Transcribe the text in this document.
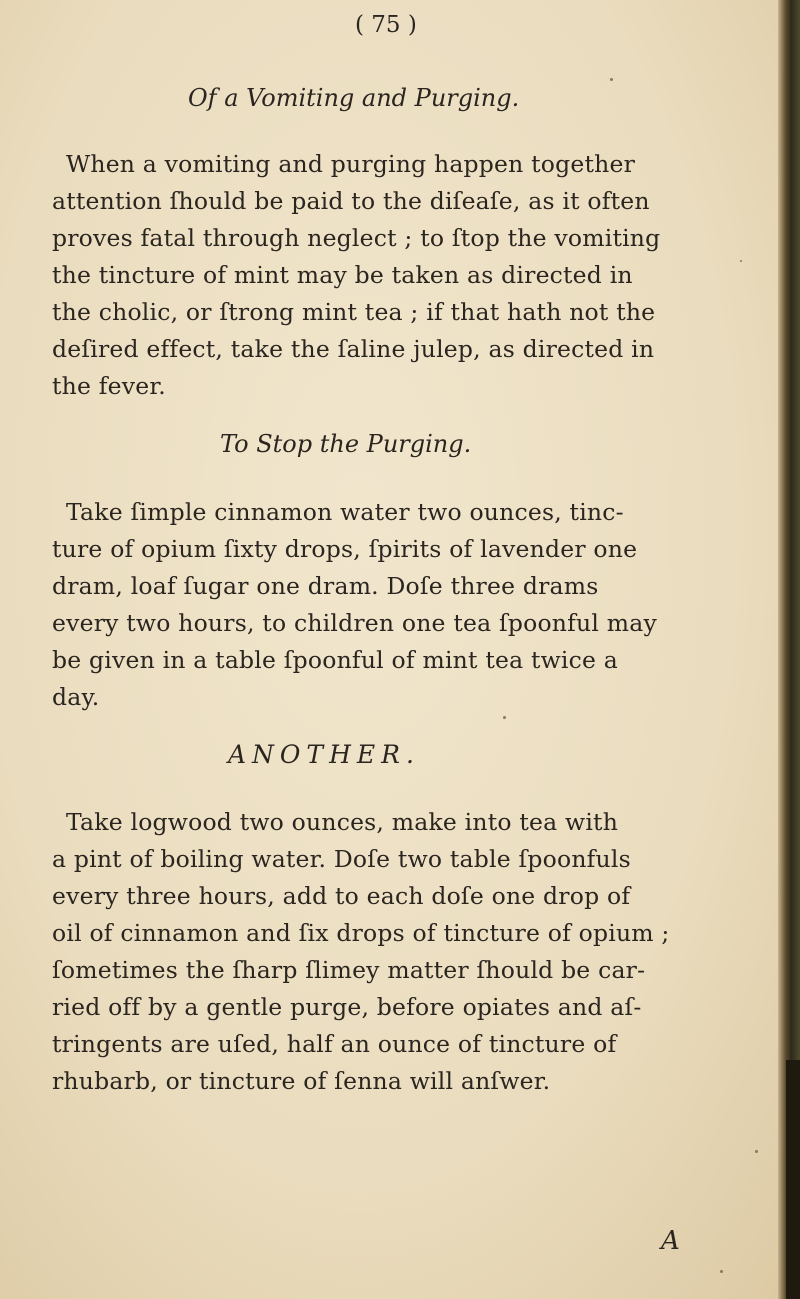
( 75 )
Of a Vomiting and Purging.
When a vomiting and purging happen together
attention ſhould be paid to the diſeaſe, as it often
proves fatal through neglect ; to ſtop the vomiting
the tincture of mint may be taken as directed in
the cholic, or ſtrong mint tea ; if that hath not the
deſired effect, take the ſaline julep, as directed in
the fever.
To Stop the Purging.
Take ſimple cinnamon water two ounces, tinc-
ture of opium ſixty drops, ſpirits of lavender one
dram, loaf ſugar one dram. Doſe three drams
every two hours, to children one tea ſpoonful may
be given in a table ſpoonful of mint tea twice a
day.
ANOTHER.
Take logwood two ounces, make into tea with
a pint of boiling water. Doſe two table ſpoonfuls
every three hours, add to each doſe one drop of
oil of cinnamon and ſix drops of tincture of opium ;
ſometimes the ſharp ſlimey matter ſhould be car-
ried off by a gentle purge, before opiates and aſ-
tringents are uſed, half an ounce of tincture of
rhubarb, or tincture of ſenna will anſwer.
A
